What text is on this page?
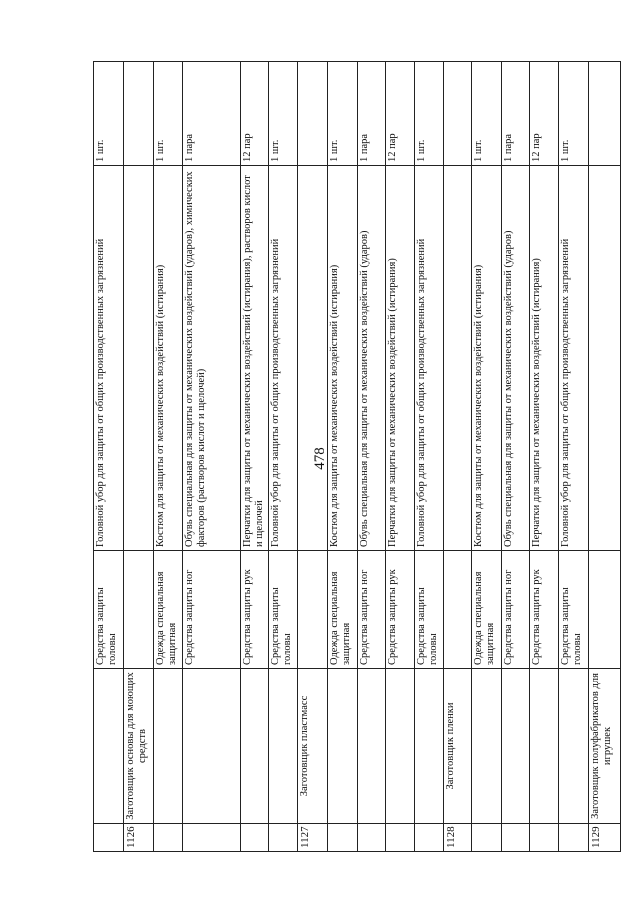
478
		Средства защиты головы	Головной убор для защиты от общих производственных загрязнений	1 шт.
1126	Заготовщик основы для моющих средств			
		Одежда специальная защитная	Костюм для защиты от механических воздействий (истирания)	1 шт.
		Средства защиты ног	Обувь специальная для защиты от механических воздействий (ударов), химических факторов (растворов кислот и щелочей)	1 пара
		Средства защиты рук	Перчатки для защиты от механических воздействий (истирания), растворов кислот и щелочей	12 пар
		Средства защиты головы	Головной убор для защиты от общих производственных загрязнений	1 шт.
1127	Заготовщик пластмасс			
		Одежда специальная защитная	Костюм для защиты от механических воздействий (истирания)	1 шт.
		Средства защиты ног	Обувь специальная для защиты от механических воздействий (ударов)	1 пара
		Средства защиты рук	Перчатки для защиты от механических воздействий (истирания)	12 пар
		Средства защиты головы	Головной убор для защиты от общих производственных загрязнений	1 шт.
1128	Заготовщик пленки			
		Одежда специальная защитная	Костюм для защиты от механических воздействий (истирания)	1 шт.
		Средства защиты ног	Обувь специальная для защиты от механических воздействий (ударов)	1 пара
		Средства защиты рук	Перчатки для защиты от механических воздействий (истирания)	12 пар
		Средства защиты головы	Головной убор для защиты от общих производственных загрязнений	1 шт.
1129	Заготовщик полуфабрикатов для игрушек			
